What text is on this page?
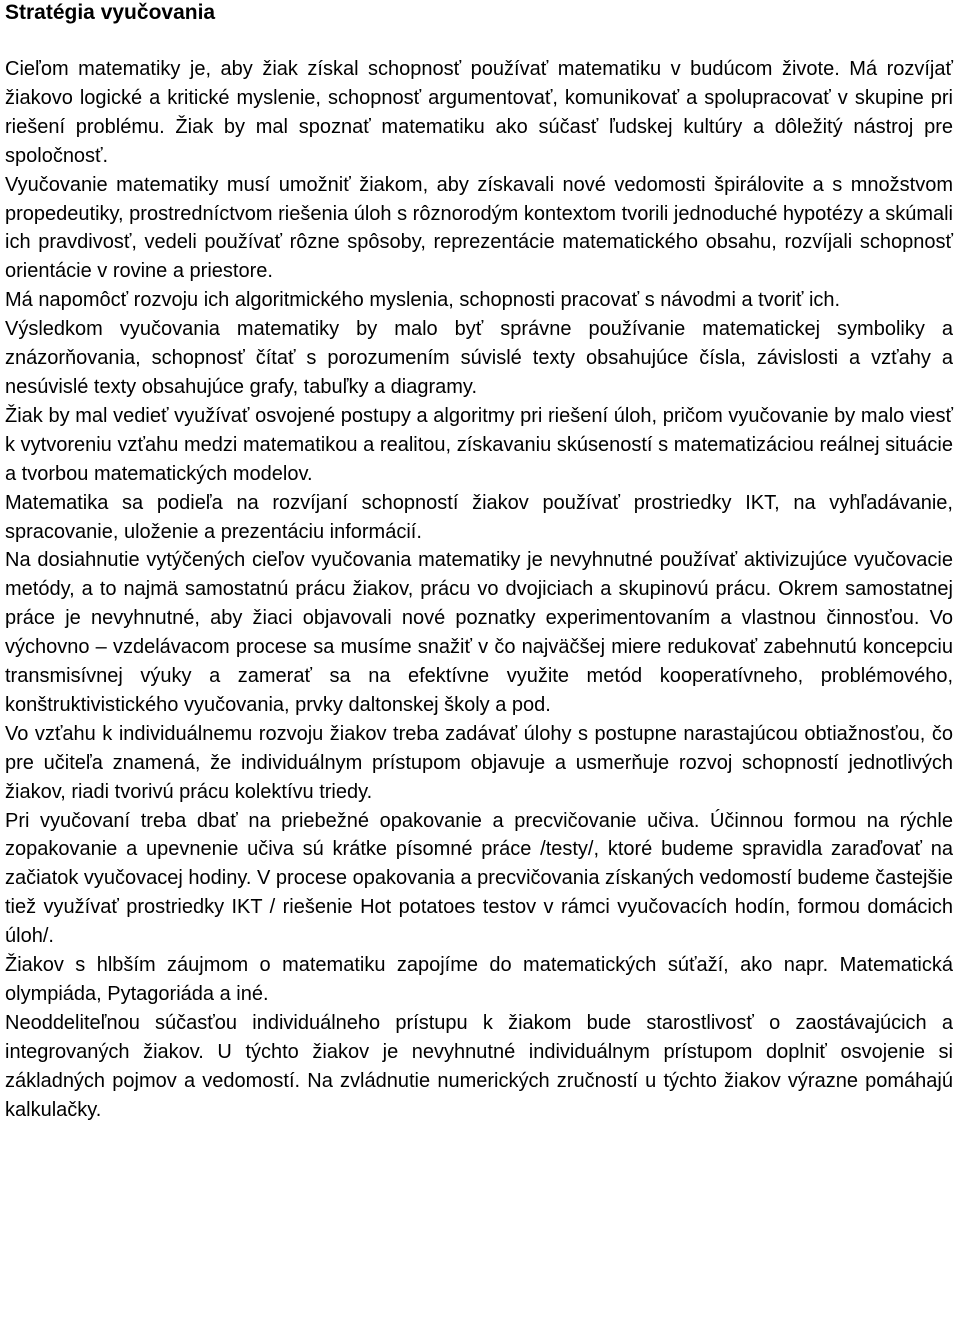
Stratégia vyučovania

Cieľom matematiky je, aby žiak získal schopnosť používať matematiku v budúcom živote. Má rozvíjať žiakovo logické a kritické myslenie, schopnosť argumentovať, komunikovať a spolupracovať v skupine pri riešení problému. Žiak by mal spoznať matematiku ako súčasť ľudskej kultúry a dôležitý nástroj pre spoločnosť.

Vyučovanie matematiky musí umožniť žiakom, aby získavali nové vedomosti špirálovite a s množstvom propedeutiky, prostredníctvom riešenia úloh s rôznorodým kontextom tvorili jednoduché hypotézy a skúmali ich pravdivosť, vedeli používať rôzne spôsoby, reprezentácie matematického obsahu, rozvíjali schopnosť orientácie v rovine a priestore.

Má napomôcť rozvoju ich algoritmického myslenia, schopnosti pracovať s návodmi a tvoriť ich.

Výsledkom vyučovania matematiky by malo byť správne používanie matematickej symboliky a znázorňovania, schopnosť čítať s porozumením súvislé texty obsahujúce čísla, závislosti a vzťahy a nesúvislé texty obsahujúce grafy, tabuľky a diagramy.

Žiak by mal vedieť využívať osvojené postupy a algoritmy pri riešení úloh, pričom vyučovanie by malo viesť k vytvoreniu vzťahu medzi matematikou a realitou, získavaniu skúseností s matematizáciou reálnej situácie a tvorbou matematických modelov.

Matematika sa podieľa na rozvíjaní schopností žiakov používať prostriedky IKT, na vyhľadávanie, spracovanie, uloženie a prezentáciu informácií.

Na dosiahnutie vytýčených cieľov vyučovania matematiky je nevyhnutné používať aktivizujúce vyučovacie metódy, a to najmä samostatnú prácu žiakov, prácu vo dvojiciach a skupinovú prácu. Okrem samostatnej práce je nevyhnutné, aby žiaci objavovali nové poznatky experimentovaním a vlastnou činnosťou. Vo výchovno – vzdelávacom procese sa musíme snažiť v čo najväčšej miere redukovať zabehnutú koncepciu transmisívnej výuky a zamerať sa na efektívne využite metód kooperatívneho, problémového, konštruktivistického vyučovania, prvky daltonskej školy a pod.

Vo vzťahu k individuálnemu rozvoju žiakov treba zadávať úlohy s postupne narastajúcou obtiažnosťou, čo pre učiteľa znamená, že individuálnym prístupom objavuje a usmerňuje rozvoj schopností jednotlivých žiakov, riadi tvorivú prácu kolektívu triedy.

Pri vyučovaní treba dbať na priebežné opakovanie a precvičovanie učiva. Účinnou formou na rýchle zopakovanie a upevnenie učiva sú krátke písomné práce /testy/, ktoré budeme spravidla zaraďovať na začiatok vyučovacej hodiny. V procese opakovania a precvičovania získaných vedomostí budeme častejšie tiež využívať prostriedky IKT / riešenie Hot potatoes testov v rámci vyučovacích hodín, formou domácich úloh/.

Žiakov s hlbším záujmom o matematiku zapojíme do matematických súťaží, ako napr. Matematická olympiáda, Pytagoriáda a iné.

Neoddeliteľnou súčasťou individuálneho prístupu k žiakom bude starostlivosť o zaostávajúcich a integrovaných žiakov. U týchto žiakov je nevyhnutné individuálnym prístupom doplniť osvojenie si základných pojmov a vedomostí. Na zvládnutie numerických zručností u týchto žiakov výrazne pomáhajú kalkulačky.
